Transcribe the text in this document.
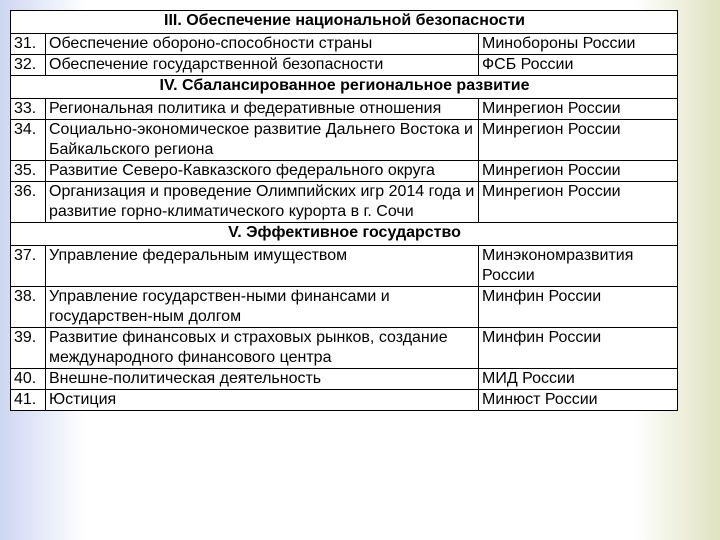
III. Обеспечение национальной безопасности		
31.	Обеспечение обороно-способности страны	Минобороны России
32.	Обеспечение государственной безопасности	ФСБ России
IV. Сбалансированное региональное развитие		
33.	Региональная политика и федеративные отношения	Минрегион России
34.	Социально-экономическое развитие Дальнего Востока и Байкальского региона	Минрегион России
35.	Развитие Северо-Кавказского федерального округа	Минрегион России
36.	Организация и проведение Олимпийских игр 2014 года и развитие горно-климатического курорта в г. Сочи	Минрегион России
V. Эффективное государство		
37.	Управление федеральным имуществом	Минэкономразвития России
38.	Управление государствен-ными финансами и государствен-ным долгом	Минфин России
39.	Развитие финансовых и страховых рынков, создание международного финансового центра	Минфин России
40.	Внешне-политическая деятельность	МИД России
41.	Юстиция	Минюст России
